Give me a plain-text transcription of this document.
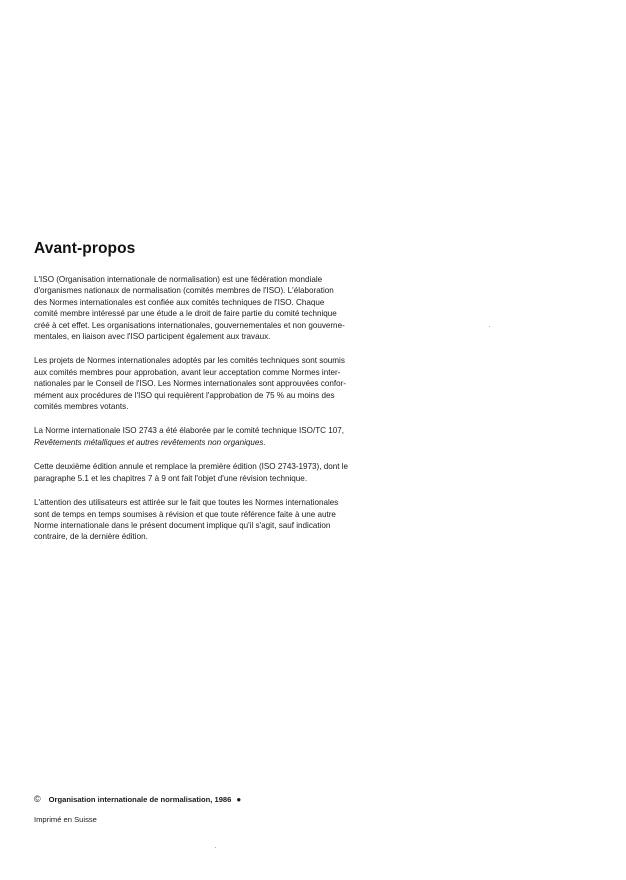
Avant-propos

L'ISO (Organisation internationale de normalisation) est une fédération mondiale
d'organismes nationaux de normalisation (comités membres de l'ISO). L'élaboration
des Normes internationales est confiée aux comités techniques de l'ISO. Chaque
comité membre intéressé par une étude a le droit de faire partie du comité technique
créé à cet effet. Les organisations internationales, gouvernementales et non gouverne-
mentales, en liaison avec l'ISO participent également aux travaux.

Les projets de Normes internationales adoptés par les comités techniques sont soumis
aux comités membres pour approbation, avant leur acceptation comme Normes inter-
nationales par le Conseil de l'ISO. Les Normes internationales sont approuvées confor-
mément aux procédures de l'ISO qui requièrent l'approbation de 75 % au moins des
comités membres votants.

La Norme internationale ISO 2743 a été élaborée par le comité technique ISO/TC 107,
Revêtements métalliques et autres revêtements non organiques.

Cette deuxième édition annule et remplace la première édition (ISO 2743-1973), dont le
paragraphe 5.1 et les chapitres 7 à 9 ont fait l'objet d'une révision technique.

L'attention des utilisateurs est attirée sur le fait que toutes les Normes internationales
sont de temps en temps soumises à révision et que toute référence faite à une autre
Norme internationale dans le présent document implique qu'il s'agit, sauf indication
contraire, de la dernière édition.

© Organisation internationale de normalisation, 1986 ●
Imprimé en Suisse
